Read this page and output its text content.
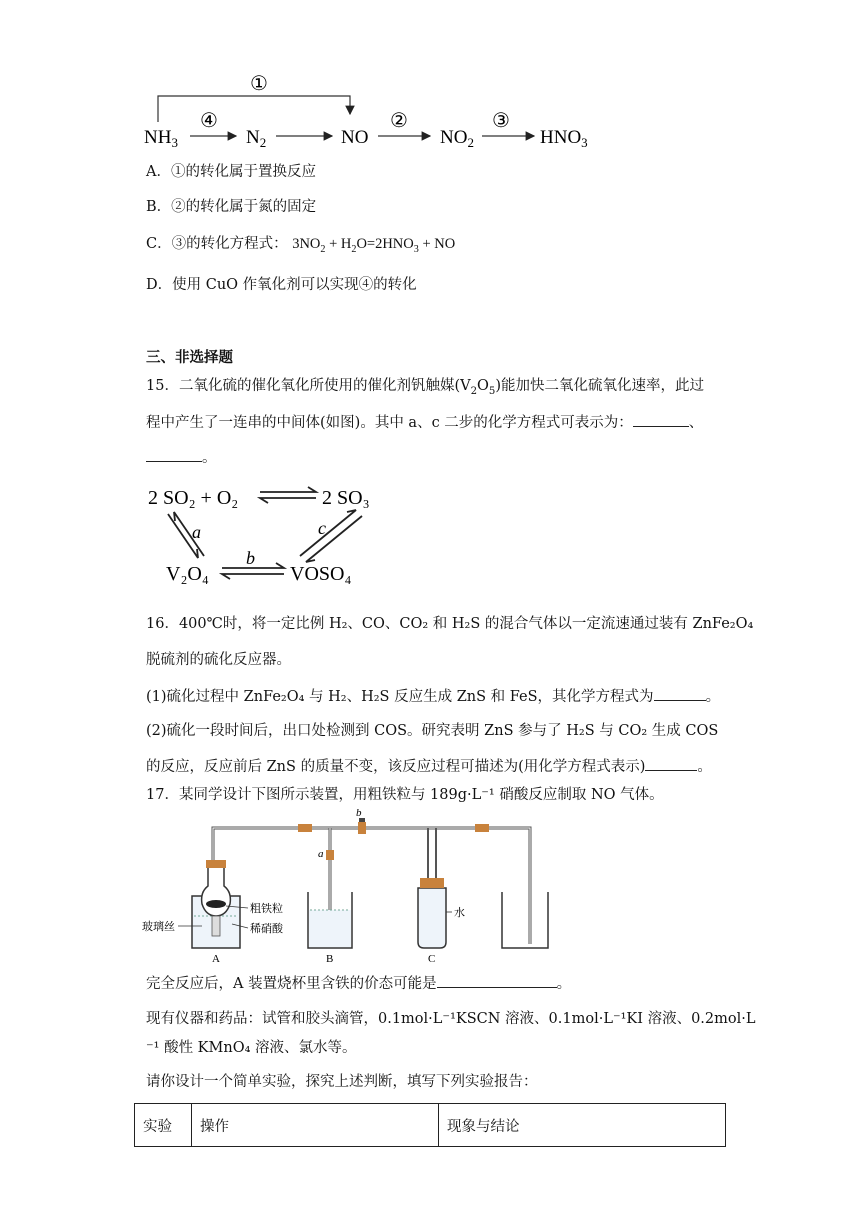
①
$NH_3$	$N_2$	NO	$NO_2$	$HNO_3$
④	②	③
A．①的转化属于置换反应
B．②的转化属于氮的固定
C．③的转化方程式： $3NO_2 + H_2O=2HNO_3$ + NO
D．使用 CuO 作氧化剂可以实现④的转化
三、非选择题
15．二氧化硫的催化氧化所使用的催化剂钒触媒$(V_2O_5)$能加快二氧化硫氧化速率，此过
程中产生了一连串的中间体(如图)。其中 a、c 二步的化学方程式可表示为：	、
。
2 SO₂ + O₂	2 SO₃
V₂O₄	VOSO₄
a
b
c
16．400℃时，将一定比例 H₂、CO、CO₂ 和 H₂S 的混合气体以一定流速通过装有 ZnFe₂O₄
脱硫剂的硫化反应器。
(1)硫化过程中 ZnFe₂O₄ 与 H₂、H₂S 反应生成 ZnS 和 FeS，其化学方程式为	。
(2)硫化一段时间后，出口处检测到 COS。研究表明 ZnS 参与了 H₂S 与 CO₂ 生成 COS
的反应，反应前后 ZnS 的质量不变，该反应过程可描述为(用化学方程式表示)	。
17．某同学设计下图所示装置，用粗铁粒与 189g·L⁻¹ 硝酸反应制取 NO 气体。
b
a
玻璃丝
粗铁粒
稀硝酸
A	B
水
C
完全反应后，A 装置烧杯里含铁的价态可能是	。
现有仪器和药品：试管和胶头滴管，0.1mol·L⁻¹KSCN 溶液、0.1mol·L⁻¹KI 溶液、0.2mol·L
⁻¹ 酸性 KMnO₄ 溶液、氯水等。
请你设计一个简单实验，探究上述判断，填写下列实验报告：
实验	操作	现象与结论
